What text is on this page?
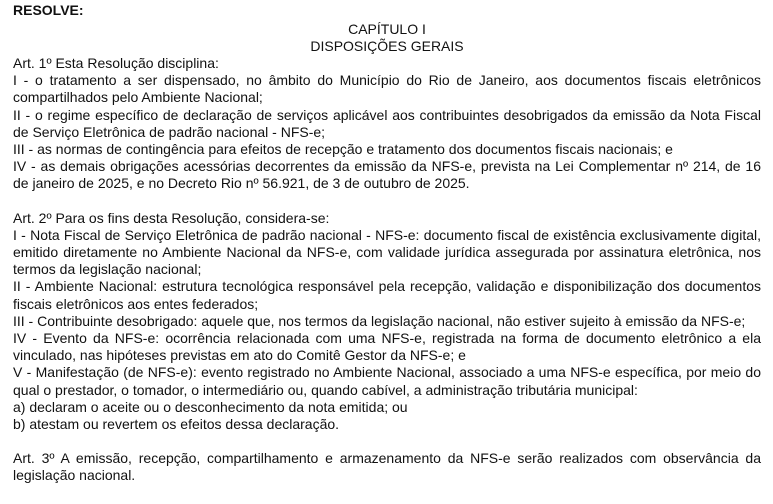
RESOLVE:
CAPÍTULO I
DISPOSIÇÕES GERAIS
Art. 1º Esta Resolução disciplina:
I - o tratamento a ser dispensado, no âmbito do Município do Rio de Janeiro, aos documentos fiscais eletrônicos compartilhados pelo Ambiente Nacional;
II - o regime específico de declaração de serviços aplicável aos contribuintes desobrigados da emissão da Nota Fiscal de Serviço Eletrônica de padrão nacional - NFS-e;
III - as normas de contingência para efeitos de recepção e tratamento dos documentos fiscais nacionais; e
IV - as demais obrigações acessórias decorrentes da emissão da NFS-e, prevista na Lei Complementar nº 214, de 16 de janeiro de 2025, e no Decreto Rio nº 56.921, de 3 de outubro de 2025.
Art. 2º Para os fins desta Resolução, considera-se:
I - Nota Fiscal de Serviço Eletrônica de padrão nacional - NFS-e: documento fiscal de existência exclusivamente digital, emitido diretamente no Ambiente Nacional da NFS-e, com validade jurídica assegurada por assinatura eletrônica, nos termos da legislação nacional;
II - Ambiente Nacional: estrutura tecnológica responsável pela recepção, validação e disponibilização dos documentos fiscais eletrônicos aos entes federados;
III - Contribuinte desobrigado: aquele que, nos termos da legislação nacional, não estiver sujeito à emissão da NFS-e;
IV - Evento da NFS-e: ocorrência relacionada com uma NFS-e, registrada na forma de documento eletrônico a ela vinculado, nas hipóteses previstas em ato do Comitê Gestor da NFS-e; e
V - Manifestação (de NFS-e): evento registrado no Ambiente Nacional, associado a uma NFS-e específica, por meio do qual o prestador, o tomador, o intermediário ou, quando cabível, a administração tributária municipal:
a) declaram o aceite ou o desconhecimento da nota emitida; ou
b) atestam ou revertem os efeitos dessa declaração.
Art. 3º A emissão, recepção, compartilhamento e armazenamento da NFS-e serão realizados com observância da legislação nacional.
